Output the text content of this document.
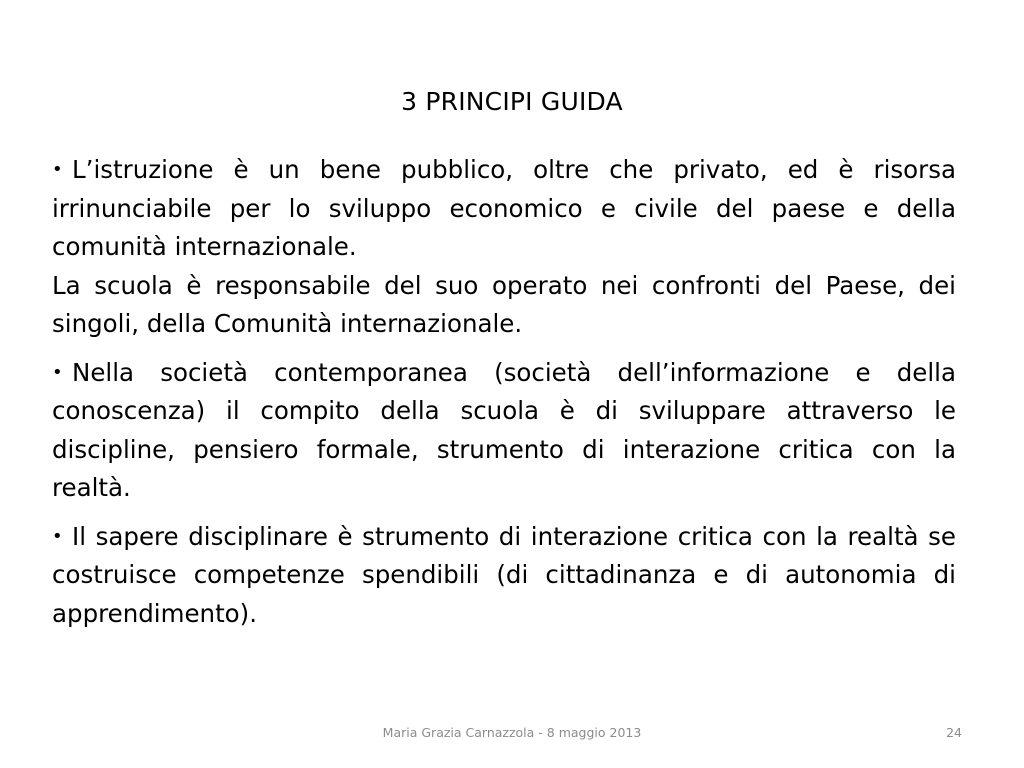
3 PRINCIPI GUIDA
• L’istruzione è un bene pubblico, oltre che privato, ed è risorsa irrinunciabile per lo sviluppo economico e civile del paese e della comunità internazionale.
La scuola è responsabile del suo operato nei confronti del Paese, dei singoli, della Comunità internazionale.
• Nella società contemporanea (società dell’informazione e della conoscenza) il compito della scuola è di sviluppare attraverso le discipline, pensiero formale, strumento di interazione critica con la realtà.
• Il sapere disciplinare è strumento di interazione critica con la realtà se costruisce competenze spendibili (di cittadinanza e di autonomia di apprendimento).
Maria Grazia Carnazzola - 8 maggio 2013	24
